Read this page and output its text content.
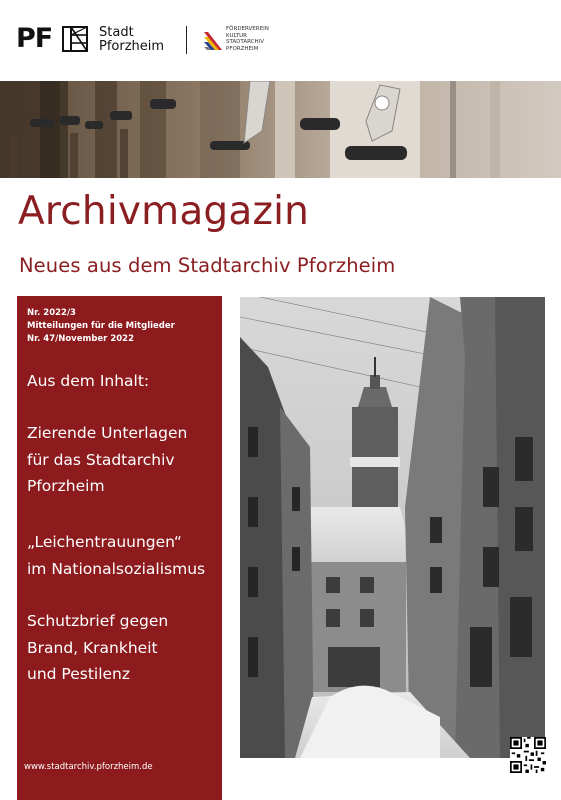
PF	Stadt
Pforzheim
FÖRDERVEREIN
KULTUR
STADTARCHIV
PFORZHEIM
Archivmagazin
Neues aus dem Stadtarchiv Pforzheim
Nr. 2022/3
Mitteilungen für die Mitglieder
Nr. 47/November 2022
Aus dem Inhalt:
Zierende Unterlagen
für das Stadtarchiv
Pforzheim
„Leichentrauungen“
im Nationalsozialismus
Schutzbrief gegen
Brand, Krankheit
und Pestilenz
www.stadtarchiv.pforzheim.de
